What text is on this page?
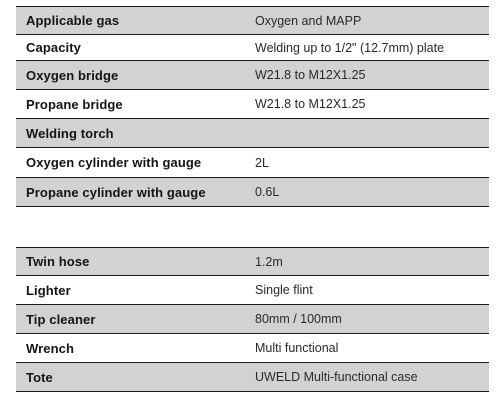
Applicable gas	Oxygen and MAPP
Capacity	Welding up to 1/2" (12.7mm) plate
Oxygen bridge	W21.8 to M12X1.25
Propane bridge	W21.8 to M12X1.25
Welding torch	
Oxygen cylinder with gauge	2L
Propane cylinder with gauge	0.6L
Twin hose	1.2m
Lighter	Single flint
Tip cleaner	80mm / 100mm
Wrench	Multi functional
Tote	UWELD Multi-functional case
